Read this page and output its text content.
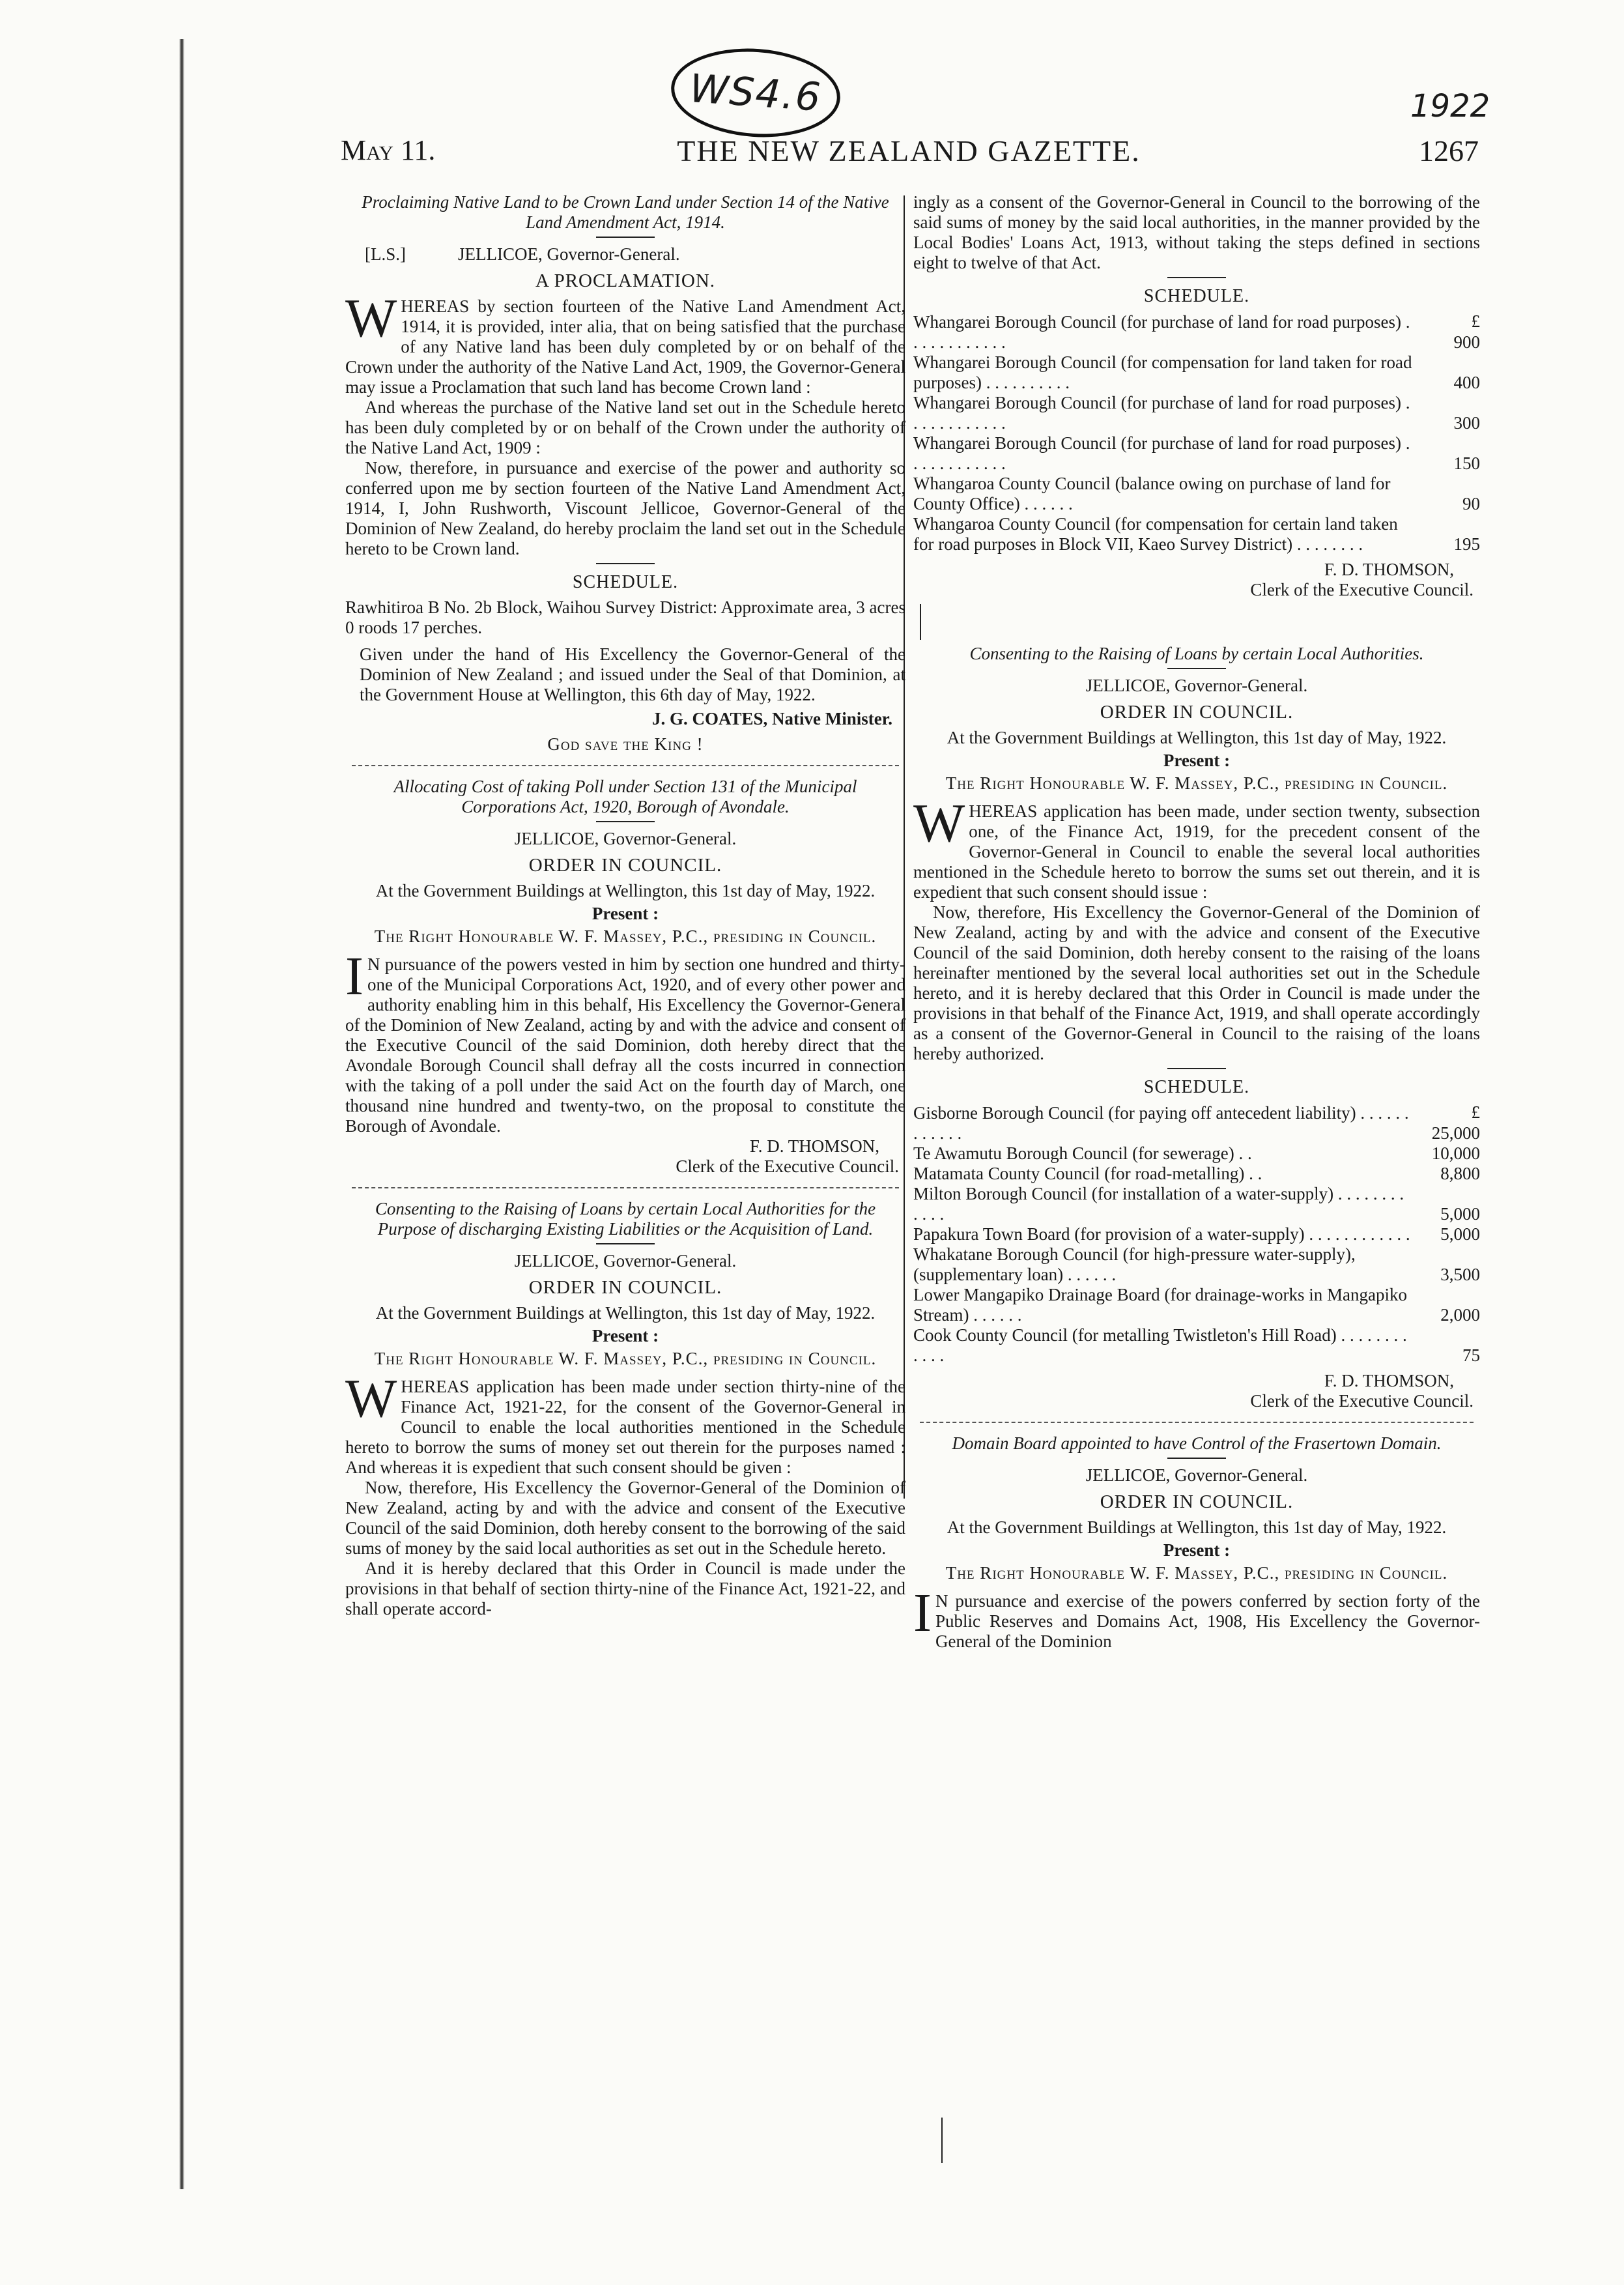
WS4.6	1922
May 11.	THE NEW ZEALAND GAZETTE.	1267
Proclaiming Native Land to be Crown Land under Section 14 of the Native Land Amendment Act, 1914.
[L.S.]	JELLICOE, Governor-General.
A PROCLAMATION.

WHEREAS by section fourteen of the Native Land Amendment Act, 1914, it is provided, inter alia, that on being satisfied that the purchase of any Native land has been duly completed by or on behalf of the Crown under the authority of the Native Land Act, 1909, the Governor-General may issue a Proclamation that such land has become Crown land :

And whereas the purchase of the Native land set out in the Schedule hereto has been duly completed by or on behalf of the Crown under the authority of the Native Land Act, 1909 :

Now, therefore, in pursuance and exercise of the power and authority so conferred upon me by section fourteen of the Native Land Amendment Act, 1914, I, John Rushworth, Viscount Jellicoe, Governor-General of the Dominion of New Zealand, do hereby proclaim the land set out in the Schedule hereto to be Crown land.

SCHEDULE.

Rawhitiroa B No. 2b Block, Waihou Survey District: Approximate area, 3 acres 0 roods 17 perches.

Given under the hand of His Excellency the Governor-General of the Dominion of New Zealand ; and issued under the Seal of that Dominion, at the Government House at Wellington, this 6th day of May, 1922.

J. G. COATES, Native Minister.
God save the King !
Allocating Cost of taking Poll under Section 131 of the Municipal Corporations Act, 1920, Borough of Avondale.
JELLICOE, Governor-General.
ORDER IN COUNCIL.
At the Government Buildings at Wellington, this 1st day of May, 1922.
Present :
The Right Honourable W. F. Massey, P.C., presiding in Council.

I N pursuance of the powers vested in him by section one hundred and thirty-one of the Municipal Corporations Act, 1920, and of every other power and authority enabling him in this behalf, His Excellency the Governor-General of the Dominion of New Zealand, acting by and with the advice and consent of the Executive Council of the said Dominion, doth hereby direct that the Avondale Borough Council shall defray all the costs incurred in connection with the taking of a poll under the said Act on the fourth day of March, one thousand nine hundred and twenty-two, on the proposal to constitute the Borough of Avondale.

F. D. THOMSON,
Clerk of the Executive Council.
Consenting to the Raising of Loans by certain Local Authorities for the Purpose of discharging Existing Liabilities or the Acquisition of Land.
JELLICOE, Governor-General.
ORDER IN COUNCIL.
At the Government Buildings at Wellington, this 1st day of May, 1922.
Present :
The Right Honourable W. F. Massey, P.C., presiding in Council.

WHEREAS application has been made under section thirty-nine of the Finance Act, 1921-22, for the consent of the Governor-General in Council to enable the local authorities mentioned in the Schedule hereto to borrow the sums of money set out therein for the purposes named : And whereas it is expedient that such consent should be given :

Now, therefore, His Excellency the Governor-General of the Dominion of New Zealand, acting by and with the advice and consent of the Executive Council of the said Dominion, doth hereby consent to the borrowing of the said sums of money by the said local authorities as set out in the Schedule hereto.

And it is hereby declared that this Order in Council is made under the provisions in that behalf of section thirty-nine of the Finance Act, 1921-22, and shall operate accord-

ingly as a consent of the Governor-General in Council to the borrowing of the said sums of money by the said local authorities, in the manner provided by the Local Bodies' Loans Act, 1913, without taking the steps defined in sections eight to twelve of that Act.

SCHEDULE.
£
Whangarei Borough Council (for purchase of land for road purposes) . . . . . . . . . . . .	900
Whangarei Borough Council (for compensation for land taken for road purposes) . . . . . . . . . .	400
Whangarei Borough Council (for purchase of land for road purposes) . . . . . . . . . . . .	300
Whangarei Borough Council (for purchase of land for road purposes) . . . . . . . . . . . .	150
Whangaroa County Council (balance owing on purchase of land for County Office) . . . . . .	90
Whangaroa County Council (for compensation for certain land taken for road purposes in Block VII, Kaeo Survey District) . . . . . . . .	195
F. D. THOMSON,
Clerk of the Executive Council.
Consenting to the Raising of Loans by certain Local Authorities.
JELLICOE, Governor-General.
ORDER IN COUNCIL.
At the Government Buildings at Wellington, this 1st day of May, 1922.
Present :
The Right Honourable W. F. Massey, P.C., presiding in Council.

WHEREAS application has been made, under section twenty, subsection one, of the Finance Act, 1919, for the precedent consent of the Governor-General in Council to enable the several local authorities mentioned in the Schedule hereto to borrow the sums set out therein, and it is expedient that such consent should issue :

Now, therefore, His Excellency the Governor-General of the Dominion of New Zealand, acting by and with the advice and consent of the Executive Council of the said Dominion, doth hereby consent to the raising of the loans hereinafter mentioned by the several local authorities set out in the Schedule hereto, and it is hereby declared that this Order in Council is made under the provisions in that behalf of the Finance Act, 1919, and shall operate accordingly as a consent of the Governor-General in Council to the raising of the loans hereby authorized.

SCHEDULE.
£
Gisborne Borough Council (for paying off antecedent liability) . . . . . . . . . . . .	25,000
Te Awamutu Borough Council (for sewerage) . .	10,000
Matamata County Council (for road-metalling) . .	8,800
Milton Borough Council (for installation of a water-supply) . . . . . . . . . . . .	5,000
Papakura Town Board (for provision of a water-supply) . . . . . . . . . . . .	5,000
Whakatane Borough Council (for high-pressure water-supply), (supplementary loan) . . . . . .	3,500
Lower Mangapiko Drainage Board (for drainage-works in Mangapiko Stream) . . . . . .	2,000
Cook County Council (for metalling Twistleton's Hill Road) . . . . . . . . . . . .	75
F. D. THOMSON,
Clerk of the Executive Council.
Domain Board appointed to have Control of the Frasertown Domain.
JELLICOE, Governor-General.
ORDER IN COUNCIL.
At the Government Buildings at Wellington, this 1st day of May, 1922.
Present :
The Right Honourable W. F. Massey, P.C., presiding in Council.

I N pursuance and exercise of the powers conferred by section forty of the Public Reserves and Domains Act, 1908, His Excellency the Governor-General of the Dominion
